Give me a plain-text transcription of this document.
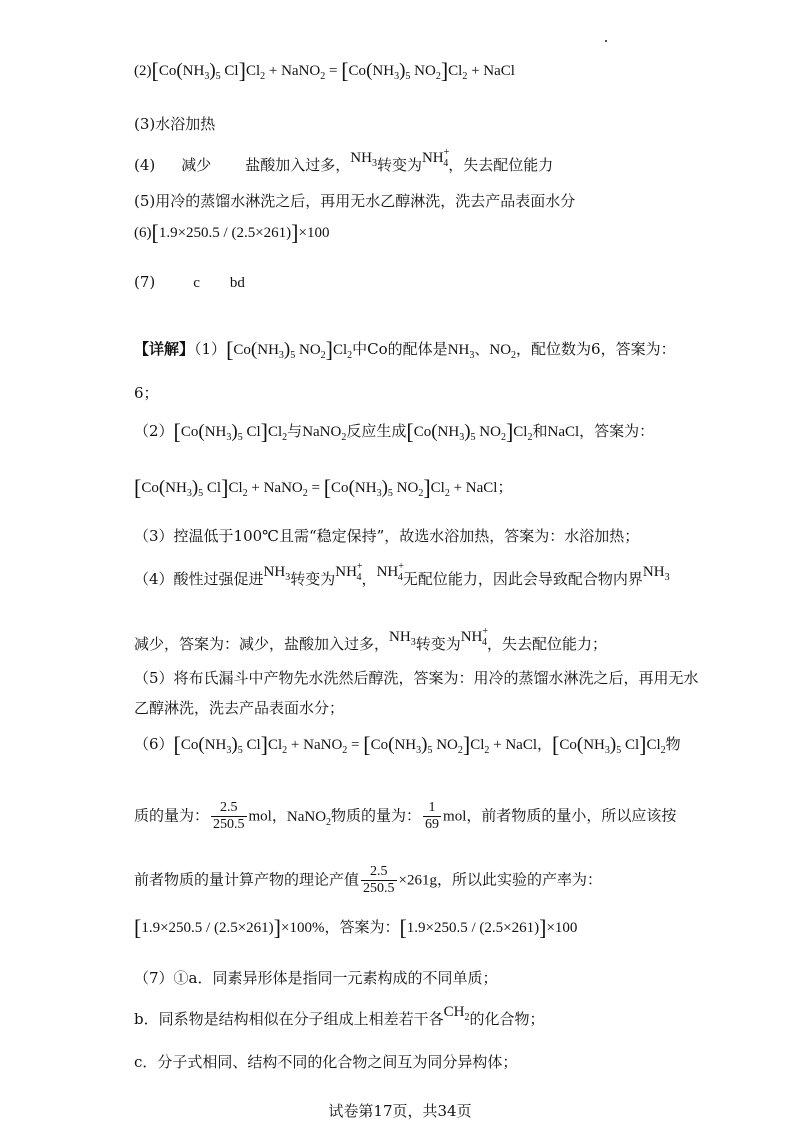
$(2)[Co(NH_3)_5$ $Cl]Cl_2$ + NaNO$_2$ = [$Co(NH_3)_5$ $NO_2]Cl_2$ + NaCl
(3)水浴加热
(4) 减少 盐酸加入过多，$NH_3$转变为$NH^+_4$，失去配位能力
(5)用冷的蒸馏水淋洗之后，再用无水乙醇淋洗，洗去产品表面水分
(6)[1.9×250.5 / (2.5×261)]×100
(7)	c bd
【详解】$(1)[Co(NH_3)_5$ $NO_2]Cl_2$中Co的配体是$NH_3$、$NO_2$，配位数为6，答案为：
6；
$(2)[Co(NH_3)_5$ $Cl]Cl_2$与NaNO$_2$反应生成[$Co(NH_3)_5$ $NO_2]Cl_2$和NaCl，答案为：
[$Co(NH_3)_5$ $Cl]Cl_2$ + NaNO$_2$ = [$Co(NH_3)_5$ $NO_2]Cl_2$ + NaCl；
（3）控温低于100℃且需“稳定保持”，故选水浴加热，答案为：水浴加热；
（4）酸性过强促进$NH_3$转变为$NH^+_4$，$NH^+_4$无配位能力，因此会导致配合物内界$NH_3$
减少，答案为：减少，盐酸加入过多，$NH_3$转变为$NH^+_4$，失去配位能力；
（5）将布氏漏斗中产物先水洗然后醇洗，答案为：用冷的蒸馏水淋洗之后，再用无水
乙醇淋洗，洗去产品表面水分；
$(6)[Co(NH_3)_5$ $Cl]Cl_2$ + NaNO$_2$ = [$Co(NH_3)_5$ $NO_2]Cl_2$ + NaCl，[$Co(NH_3)_5$ $Cl]Cl_2$物
质的量为： $\frac{2.5}{250.5}$ mol，NaNO$_2$物质的量为： $\frac{1}{69}$ mol，前者物质的量小，所以应该按
前者物质的量计算产物的理论产值 $\frac{2.5}{250.5} \times 261g$，所以此实验的产率为：
[1.9×250.5 / (2.5×261)]×100%，答案为：[1.9×250.5 / (2.5×261)]×100
（7）①a．同素异形体是指同一元素构成的不同单质；
b．同系物是结构相似在分子组成上相差若干各$CH_2$的化合物；
c．分子式相同、结构不同的化合物之间互为同分异构体；
试卷第17页，共34页
